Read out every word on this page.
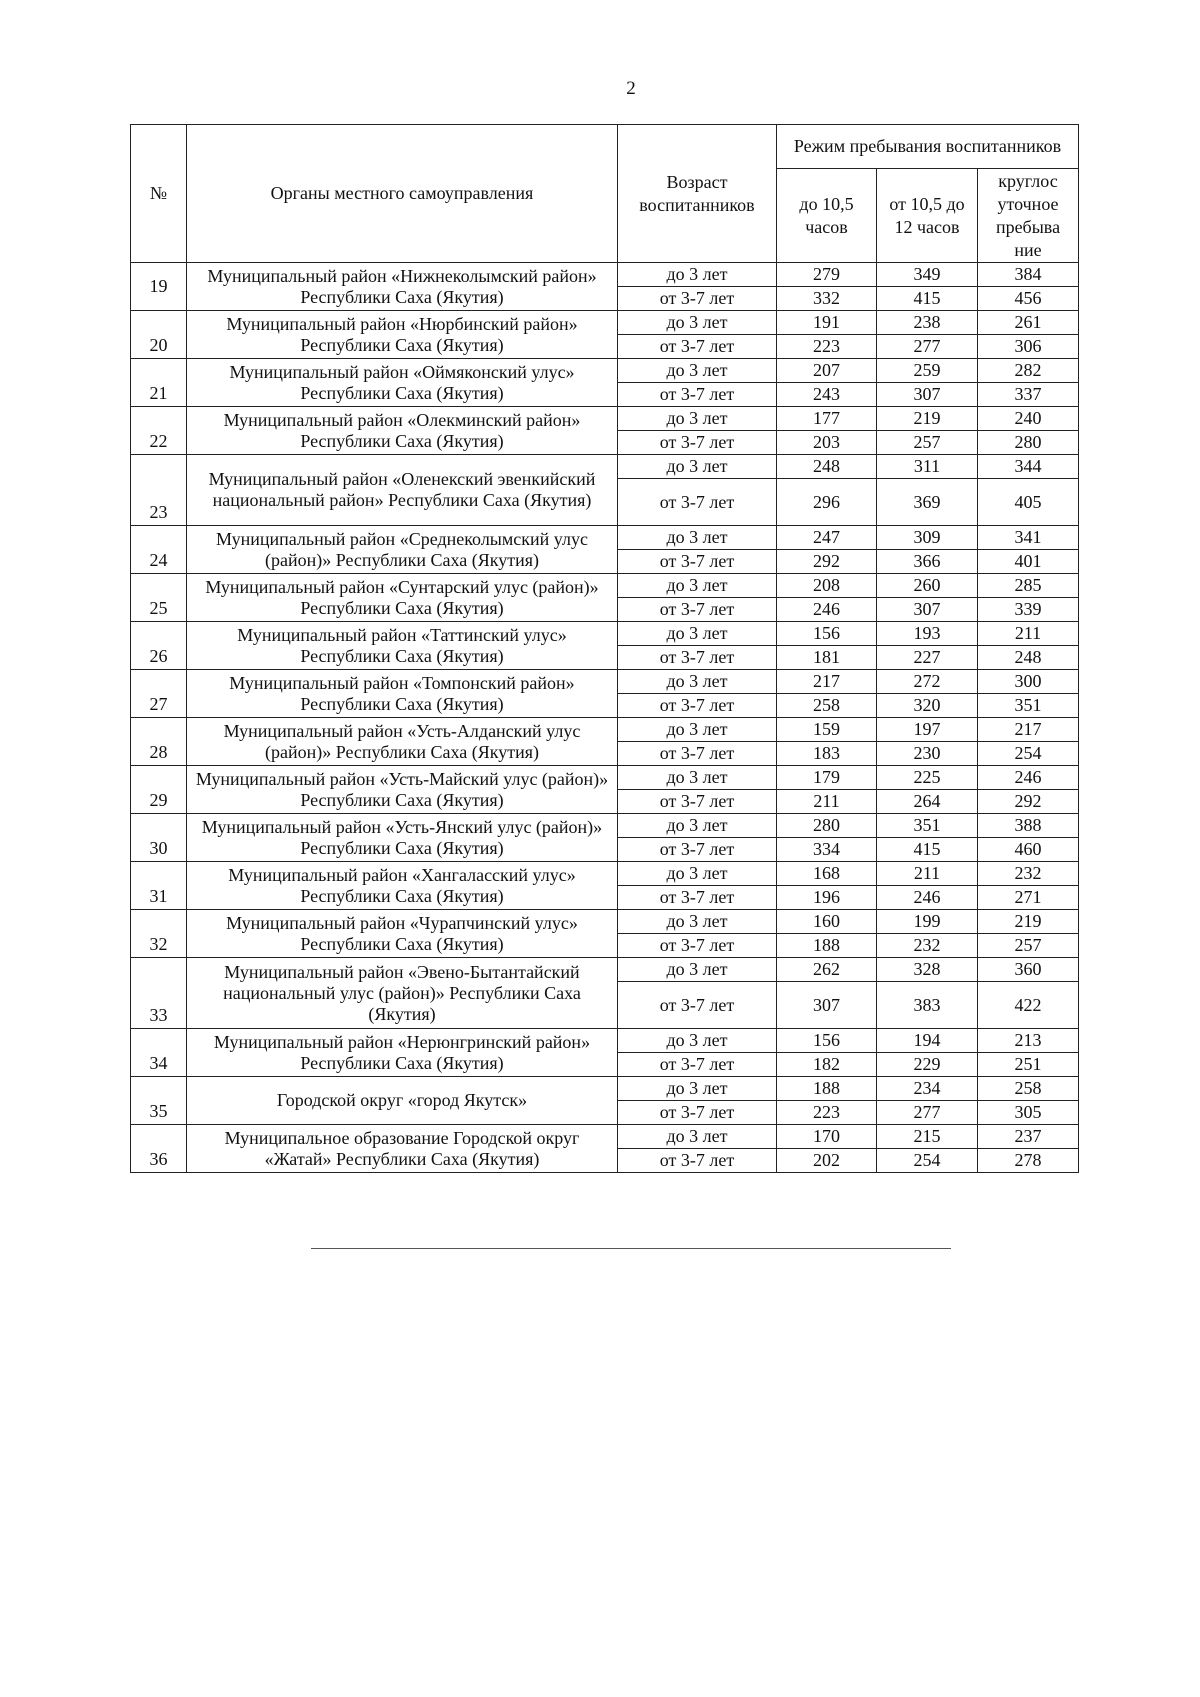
2
№	Органы местного самоуправления	Возраст воспитанников	Режим пребывания воспитанников		
			до 10,5 часов	от 10,5 до 12 часов	круглос уточное пребыва ние
19	Муниципальный район «Нижнеколымский район» Республики Саха (Якутия)	до 3 лет	279	349	384
		от 3-7 лет	332	415	456
20	Муниципальный район «Нюрбинский район» Республики Саха (Якутия)	до 3 лет	191	238	261
		от 3-7 лет	223	277	306
21	Муниципальный район «Оймяконский улус» Республики Саха (Якутия)	до 3 лет	207	259	282
		от 3-7 лет	243	307	337
22	Муниципальный район «Олекминский район» Республики Саха (Якутия)	до 3 лет	177	219	240
		от 3-7 лет	203	257	280
23	Муниципальный район «Оленекский эвенкийский национальный район» Республики Саха (Якутия)	до 3 лет	248	311	344
		от 3-7 лет	296	369	405
24	Муниципальный район «Среднеколымский улус (район)» Республики Саха (Якутия)	до 3 лет	247	309	341
		от 3-7 лет	292	366	401
25	Муниципальный район «Сунтарский улус (район)» Республики Саха (Якутия)	до 3 лет	208	260	285
		от 3-7 лет	246	307	339
26	Муниципальный район «Таттинский улус» Республики Саха (Якутия)	до 3 лет	156	193	211
		от 3-7 лет	181	227	248
27	Муниципальный район «Томпонский район» Республики Саха (Якутия)	до 3 лет	217	272	300
		от 3-7 лет	258	320	351
28	Муниципальный район «Усть-Алданский улус (район)» Республики Саха (Якутия)	до 3 лет	159	197	217
		от 3-7 лет	183	230	254
29	Муниципальный район «Усть-Майский улус (район)» Республики Саха (Якутия)	до 3 лет	179	225	246
		от 3-7 лет	211	264	292
30	Муниципальный район «Усть-Янский улус (район)» Республики Саха (Якутия)	до 3 лет	280	351	388
		от 3-7 лет	334	415	460
31	Муниципальный район «Хангаласский улус» Республики Саха (Якутия)	до 3 лет	168	211	232
		от 3-7 лет	196	246	271
32	Муниципальный район «Чурапчинский улус» Республики Саха (Якутия)	до 3 лет	160	199	219
		от 3-7 лет	188	232	257
33	Муниципальный район «Эвено-Бытантайский национальный улус (район)» Республики Саха (Якутия)	до 3 лет	262	328	360
		от 3-7 лет	307	383	422
34	Муниципальный район «Нерюнгринский район» Республики Саха (Якутия)	до 3 лет	156	194	213
		от 3-7 лет	182	229	251
35	Городской округ «город Якутск»	до 3 лет	188	234	258
		от 3-7 лет	223	277	305
36	Муниципальное образование Городской округ «Жатай» Республики Саха (Якутия)	до 3 лет	170	215	237
		от 3-7 лет	202	254	278
